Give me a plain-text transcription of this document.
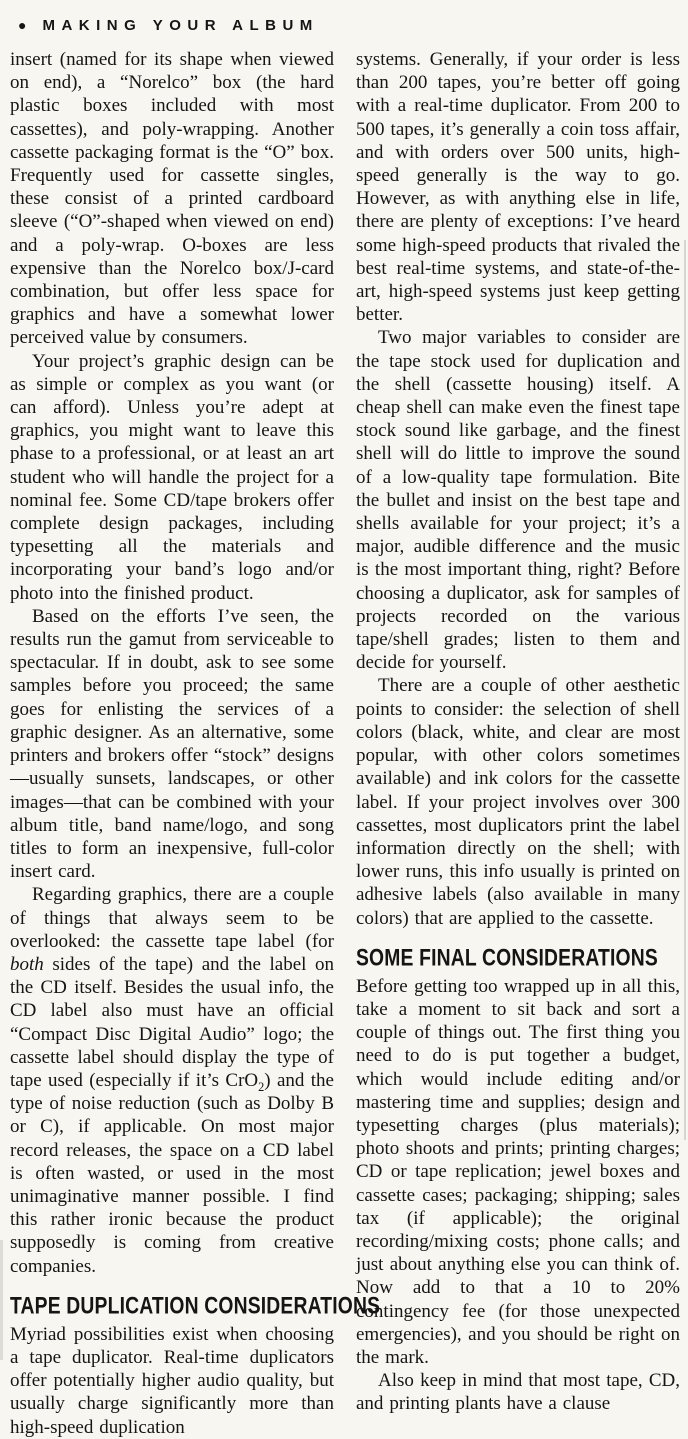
● MAKING YOUR ALBUM

insert (named for its shape when viewed on end), a “Norelco” box (the hard plastic boxes included with most cassettes), and poly-wrapping. Another cassette packaging format is the “O” box. Frequently used for cassette singles, these consist of a printed cardboard sleeve (“O”-shaped when viewed on end) and a poly-wrap. O-boxes are less expensive than the Norelco box/J-card combination, but offer less space for graphics and have a somewhat lower perceived value by consumers.

Your project’s graphic design can be as simple or complex as you want (or can afford). Unless you’re adept at graphics, you might want to leave this phase to a professional, or at least an art student who will handle the project for a nominal fee. Some CD/tape brokers offer complete design packages, including typesetting all the materials and incorporating your band’s logo and/or photo into the finished product.

Based on the efforts I’ve seen, the results run the gamut from serviceable to spectacular. If in doubt, ask to see some samples before you proceed; the same goes for enlisting the services of a graphic designer. As an alternative, some printers and brokers offer “stock” designs—usually sunsets, landscapes, or other images—that can be combined with your album title, band name/logo, and song titles to form an inexpensive, full-color insert card.

Regarding graphics, there are a couple of things that always seem to be overlooked: the cassette tape label (for both sides of the tape) and the label on the CD itself. Besides the usual info, the CD label also must have an official “Compact Disc Digital Audio” logo; the cassette label should display the type of tape used (especially if it’s CrO$_2$) and the type of noise reduction (such as Dolby B or C), if applicable. On most major record releases, the space on a CD label is often wasted, or used in the most unimaginative manner possible. I find this rather ironic because the product supposedly is coming from creative companies.

TAPE DUPLICATION CONSIDERATIONS

Myriad possibilities exist when choosing a tape duplicator. Real-time duplicators offer potentially higher audio quality, but usually charge significantly more than high-speed duplication

systems. Generally, if your order is less than 200 tapes, you’re better off going with a real-time duplicator. From 200 to 500 tapes, it’s generally a coin toss affair, and with orders over 500 units, high-speed generally is the way to go. However, as with anything else in life, there are plenty of exceptions: I’ve heard some high-speed products that rivaled the best real-time systems, and state-of-the-art, high-speed systems just keep getting better.

Two major variables to consider are the tape stock used for duplication and the shell (cassette housing) itself. A cheap shell can make even the finest tape stock sound like garbage, and the finest shell will do little to improve the sound of a low-quality tape formulation. Bite the bullet and insist on the best tape and shells available for your project; it’s a major, audible difference and the music is the most important thing, right? Before choosing a duplicator, ask for samples of projects recorded on the various tape/shell grades; listen to them and decide for yourself.

There are a couple of other aesthetic points to consider: the selection of shell colors (black, white, and clear are most popular, with other colors sometimes available) and ink colors for the cassette label. If your project involves over 300 cassettes, most duplicators print the label information directly on the shell; with lower runs, this info usually is printed on adhesive labels (also available in many colors) that are applied to the cassette.

SOME FINAL CONSIDERATIONS

Before getting too wrapped up in all this, take a moment to sit back and sort a couple of things out. The first thing you need to do is put together a budget, which would include editing and/or mastering time and supplies; design and typesetting charges (plus materials); photo shoots and prints; printing charges; CD or tape replication; jewel boxes and cassette cases; packaging; shipping; sales tax (if applicable); the original recording/mixing costs; phone calls; and just about anything else you can think of. Now add to that a 10 to 20% contingency fee (for those unexpected emergencies), and you should be right on the mark.

Also keep in mind that most tape, CD, and printing plants have a clause
